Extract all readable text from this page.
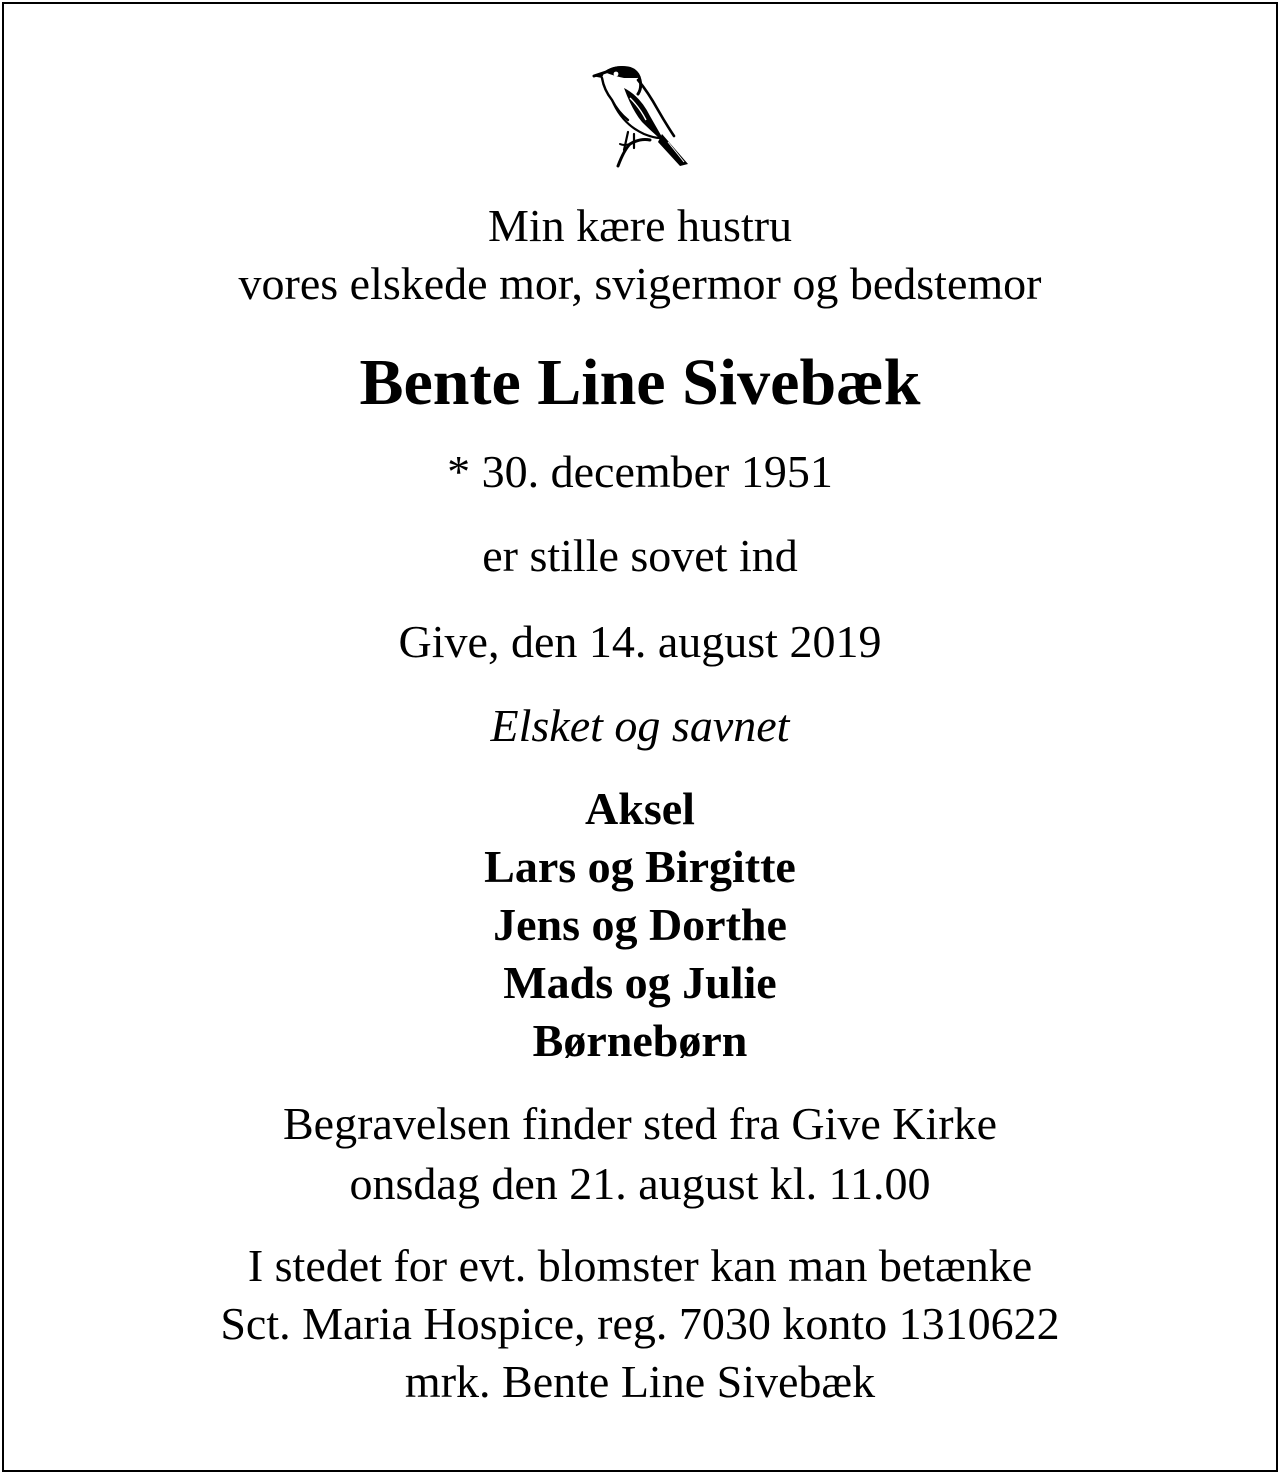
Min kære hustru
vores elskede mor, svigermor og bedstemor
Bente Line Sivebæk
* 30. december 1951
er stille sovet ind
Give, den 14. august 2019
Elsket og savnet
Aksel
Lars og Birgitte
Jens og Dorthe
Mads og Julie
Børnebørn
Begravelsen finder sted fra Give Kirke
onsdag den 21. august kl. 11.00
I stedet for evt. blomster kan man betænke
Sct. Maria Hospice, reg. 7030 konto 1310622
mrk. Bente Line Sivebæk
